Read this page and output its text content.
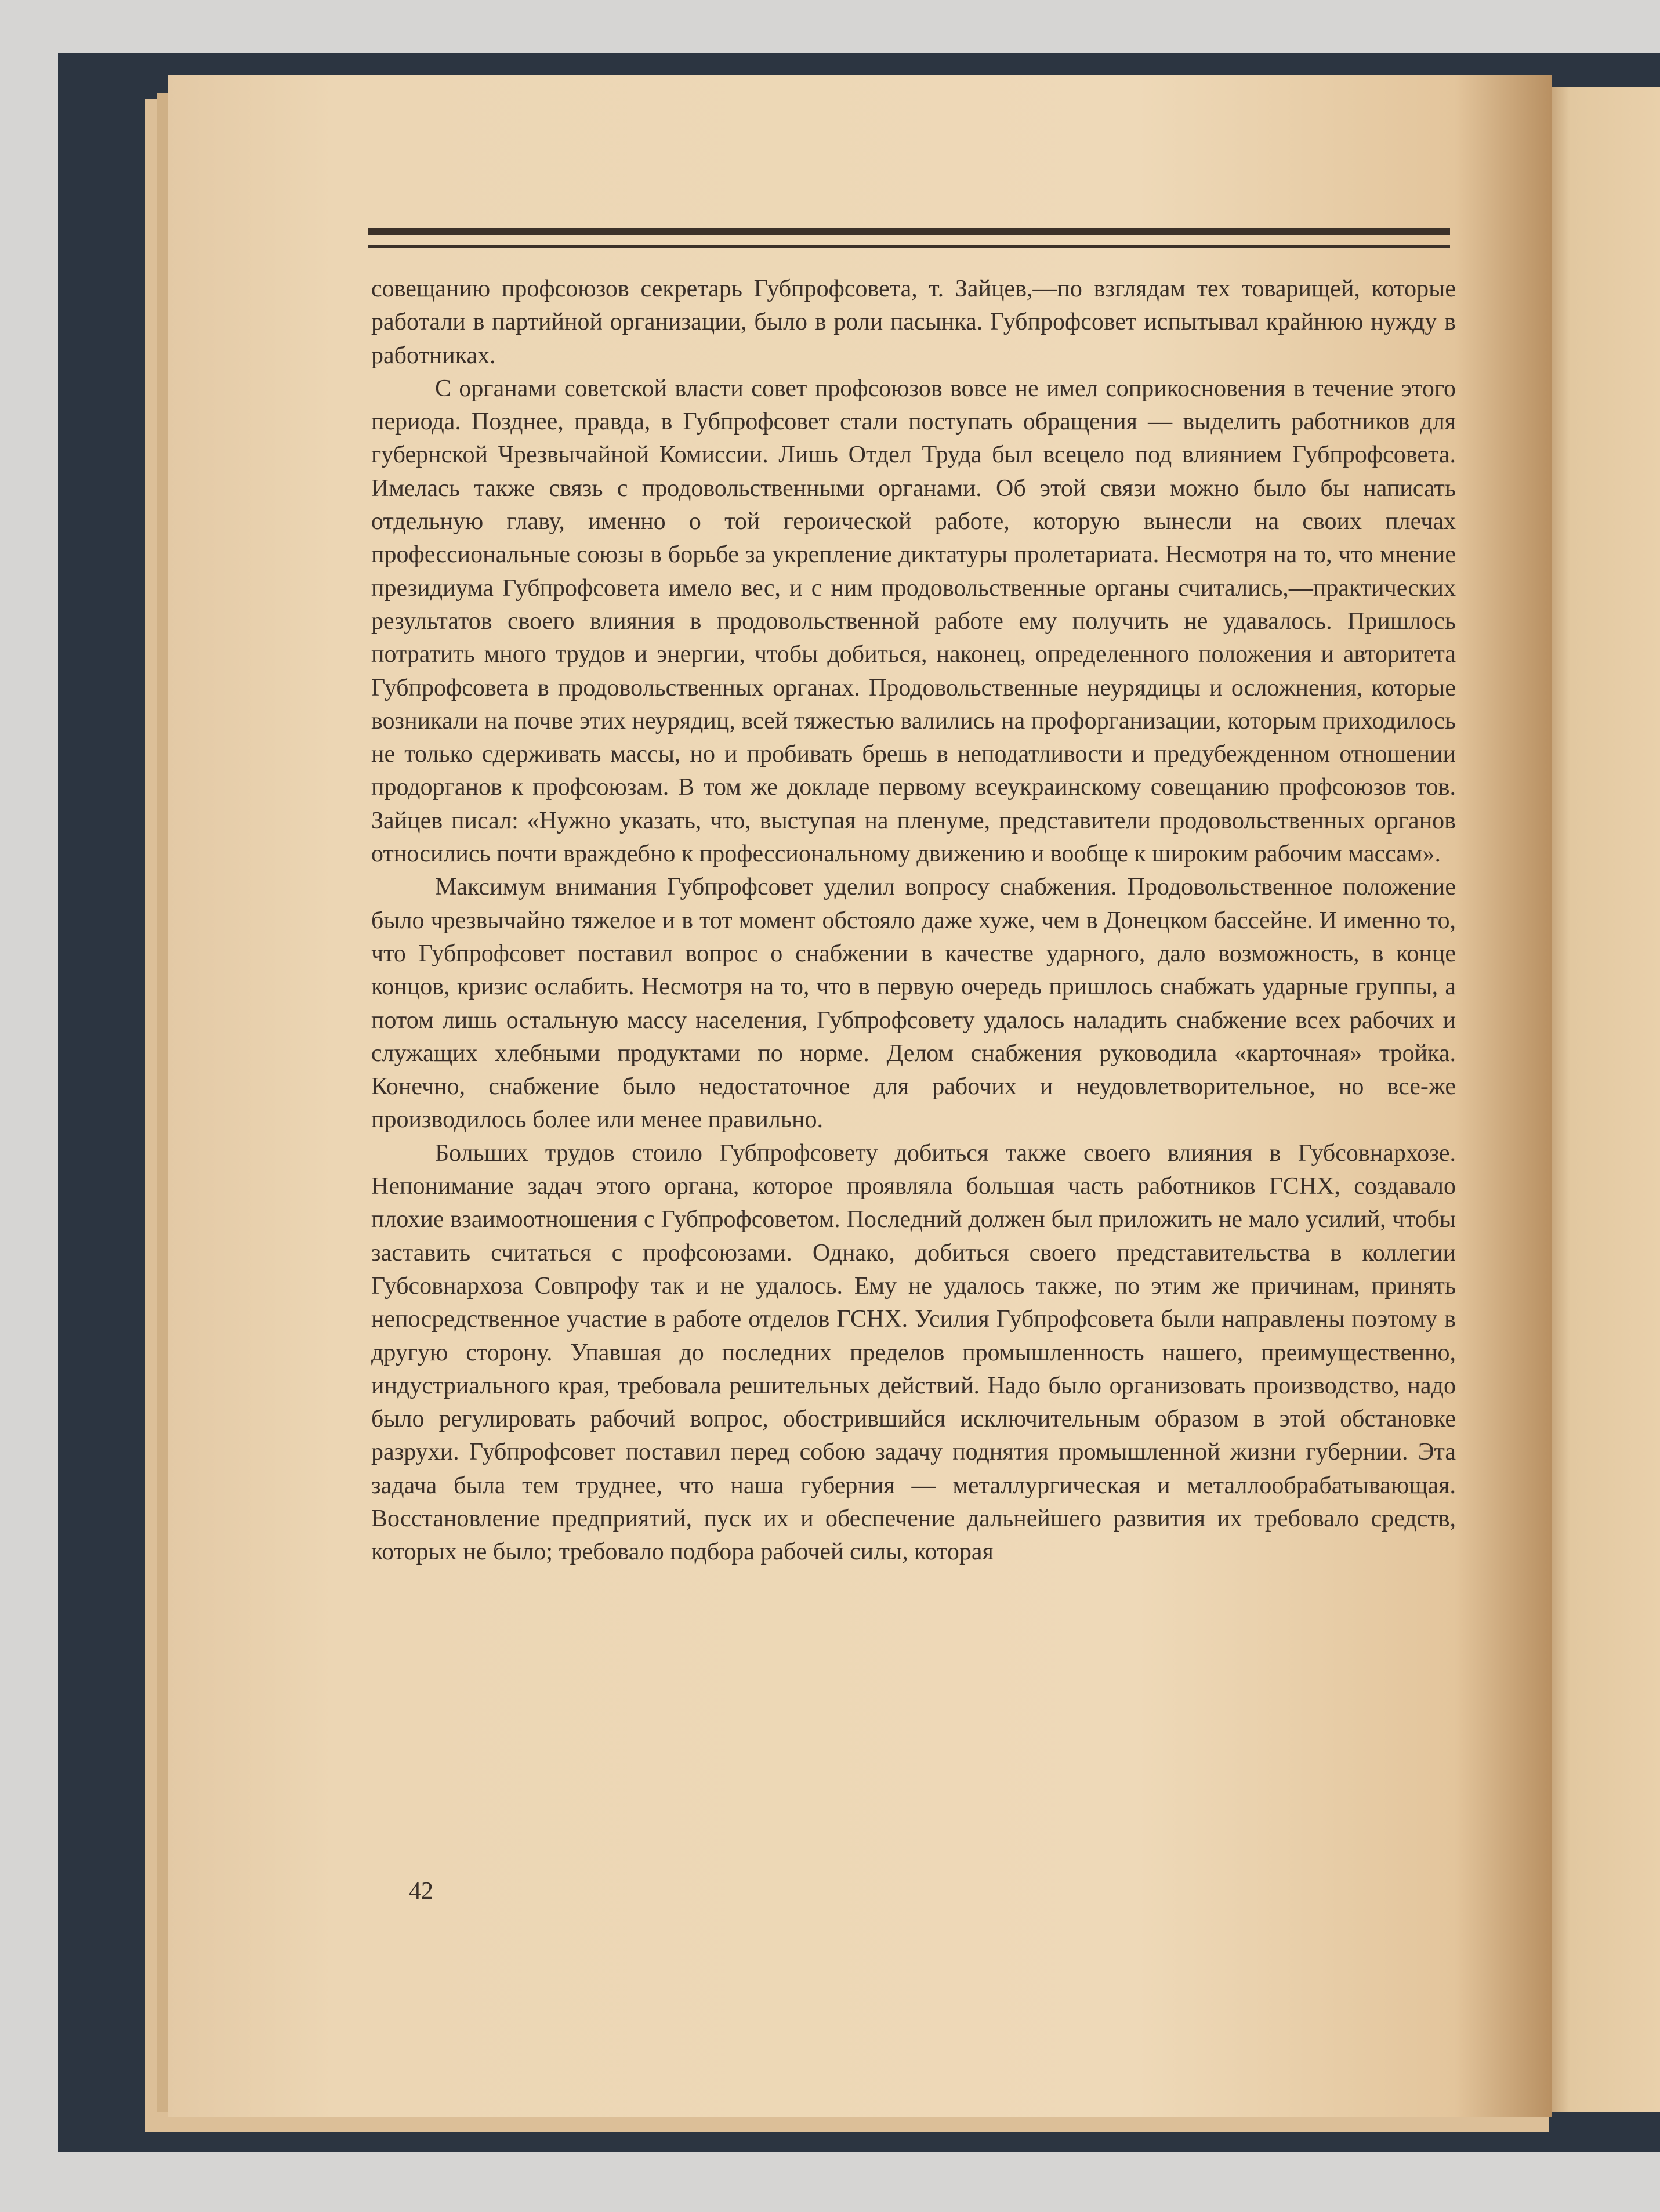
совещанию профсоюзов секретарь Губпрофсовета, т. Зайцев,—по взглядам тех товарищей, которые работали в партийной организации, было в роли пасынка. Губпрофсовет испытывал крайнюю нужду в работниках.

С органами советской власти совет профсоюзов вовсе не имел соприкосновения в течение этого периода. Позднее, правда, в Губпрофсовет стали поступать обращения — выделить работников для губернской Чрезвычайной Комиссии. Лишь Отдел Труда был всецело под влиянием Губпрофсовета. Имелась также связь с продовольственными органами. Об этой связи можно было бы написать отдельную главу, именно о той героической работе, которую вынесли на своих плечах профессиональные союзы в борьбе за укрепление диктатуры пролетариата. Несмотря на то, что мнение президиума Губпрофсовета имело вес, и с ним продовольственные органы считались,—практических результатов своего влияния в продовольственной работе ему получить не удавалось. Пришлось потратить много трудов и энергии, чтобы добиться, наконец, определенного положения и авторитета Губпрофсовета в продовольственных органах. Продовольственные неурядицы и осложнения, которые возникали на почве этих неурядиц, всей тяжестью валились на профорганизации, которым приходилось не только сдерживать массы, но и пробивать брешь в неподатливости и предубежденном отношении продорганов к профсоюзам. В том же докладе первому всеукраинскому совещанию профсоюзов тов. Зайцев писал: «Нужно указать, что, выступая на пленуме, представители продовольственных органов относились почти враждебно к профессиональному движению и вообще к широким рабочим массам».

Максимум внимания Губпрофсовет уделил вопросу снабжения. Продовольственное положение было чрезвычайно тяжелое и в тот момент обстояло даже хуже, чем в Донецком бассейне. И именно то, что Губпрофсовет поставил вопрос о снабжении в качестве ударного, дало возможность, в конце концов, кризис ослабить. Несмотря на то, что в первую очередь пришлось снабжать ударные группы, а потом лишь остальную массу населения, Губпрофсовету удалось наладить снабжение всех рабочих и служащих хлебными продуктами по норме. Делом снабжения руководила «карточная» тройка. Конечно, снабжение было недостаточное для рабочих и неудовлетворительное, но все-же производилось более или менее правильно.

Больших трудов стоило Губпрофсовету добиться также своего влияния в Губсовнархозе. Непонимание задач этого органа, которое проявляла большая часть работников ГСНХ, создавало плохие взаимоотношения с Губпрофсоветом. Последний должен был приложить не мало усилий, чтобы заставить считаться с профсоюзами. Однако, добиться своего представительства в коллегии Губсовнархоза Совпрофу так и не удалось. Ему не удалось также, по этим же причинам, принять непосредственное участие в работе отделов ГСНХ. Усилия Губпрофсовета были направлены поэтому в другую сторону. Упавшая до последних пределов промышленность нашего, преимущественно, индустриального края, требовала решительных действий. Надо было организовать производство, надо было регулировать рабочий вопрос, обострившийся исключительным образом в этой обстановке разрухи. Губпрофсовет поставил перед собою задачу поднятия промышленной жизни губернии. Эта задача была тем труднее, что наша губерния — металлургическая и металлообрабатывающая. Восстановление предприятий, пуск их и обеспечение дальнейшего развития их требовало средств, которых не было; требовало подбора рабочей силы, которая

42
